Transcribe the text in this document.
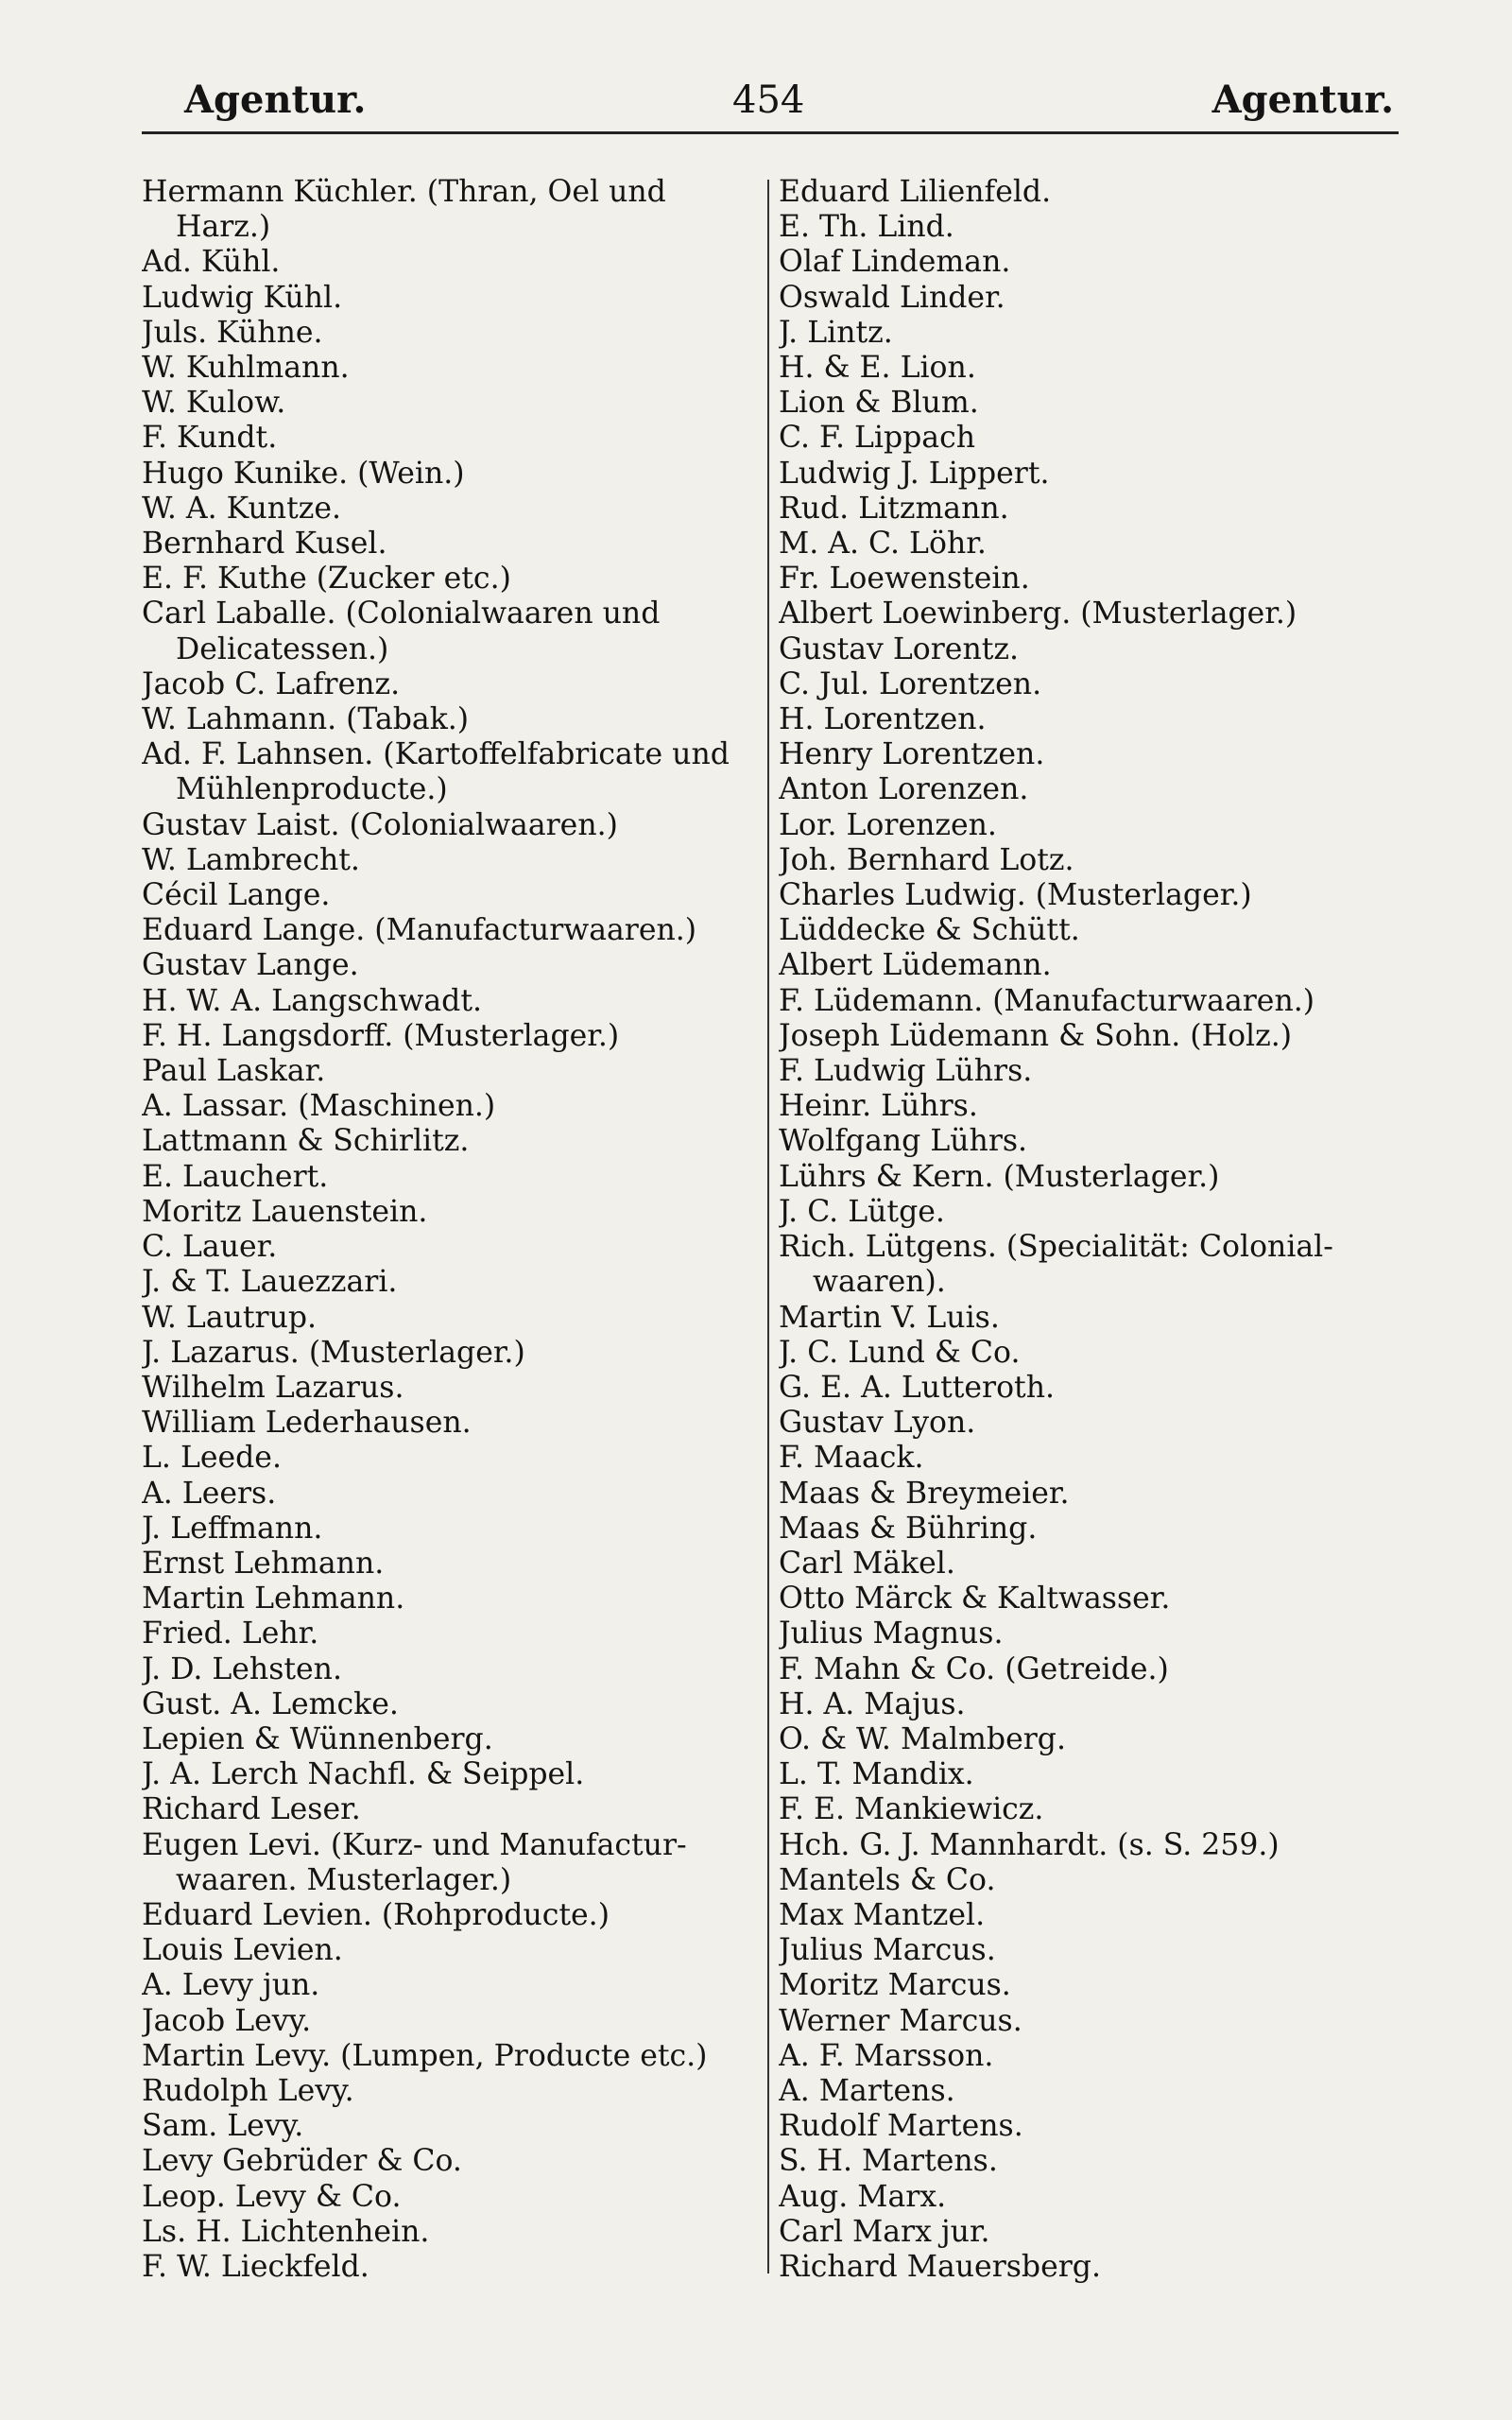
Agentur.	454	Agentur.
Hermann Küchler. (Thran, Oel und
Harz.)
Ad. Kühl.
Ludwig Kühl.
Juls. Kühne.
W. Kuhlmann.
W. Kulow.
F. Kundt.
Hugo Kunike. (Wein.)
W. A. Kuntze.
Bernhard Kusel.
E. F. Kuthe (Zucker etc.)
Carl Laballe. (Colonialwaaren und
Delicatessen.)
Jacob C. Lafrenz.
W. Lahmann. (Tabak.)
Ad. F. Lahnsen. (Kartoffelfabricate und
Mühlenproducte.)
Gustav Laist. (Colonialwaaren.)
W. Lambrecht.
Cécil Lange.
Eduard Lange. (Manufacturwaaren.)
Gustav Lange.
H. W. A. Langschwadt.
F. H. Langsdorff. (Musterlager.)
Paul Laskar.
A. Lassar. (Maschinen.)
Lattmann & Schirlitz.
E. Lauchert.
Moritz Lauenstein.
C. Lauer.
J. & T. Lauezzari.
W. Lautrup.
J. Lazarus. (Musterlager.)
Wilhelm Lazarus.
William Lederhausen.
L. Leede.
A. Leers.
J. Leffmann.
Ernst Lehmann.
Martin Lehmann.
Fried. Lehr.
J. D. Lehsten.
Gust. A. Lemcke.
Lepien & Wünnenberg.
J. A. Lerch Nachfl. & Seippel.
Richard Leser.
Eugen Levi. (Kurz- und Manufactur-
waaren. Musterlager.)
Eduard Levien. (Rohproducte.)
Louis Levien.
A. Levy jun.
Jacob Levy.
Martin Levy. (Lumpen, Producte etc.)
Rudolph Levy.
Sam. Levy.
Levy Gebrüder & Co.
Leop. Levy & Co.
Ls. H. Lichtenhein.
F. W. Lieckfeld.
Eduard Lilienfeld.
E. Th. Lind.
Olaf Lindeman.
Oswald Linder.
J. Lintz.
H. & E. Lion.
Lion & Blum.
C. F. Lippach
Ludwig J. Lippert.
Rud. Litzmann.
M. A. C. Löhr.
Fr. Loewenstein.
Albert Loewinberg. (Musterlager.)
Gustav Lorentz.
C. Jul. Lorentzen.
H. Lorentzen.
Henry Lorentzen.
Anton Lorenzen.
Lor. Lorenzen.
Joh. Bernhard Lotz.
Charles Ludwig. (Musterlager.)
Lüddecke & Schütt.
Albert Lüdemann.
F. Lüdemann. (Manufacturwaaren.)
Joseph Lüdemann & Sohn. (Holz.)
F. Ludwig Lührs.
Heinr. Lührs.
Wolfgang Lührs.
Lührs & Kern. (Musterlager.)
J. C. Lütge.
Rich. Lütgens. (Specialität: Colonial-
waaren).
Martin V. Luis.
J. C. Lund & Co.
G. E. A. Lutteroth.
Gustav Lyon.
F. Maack.
Maas & Breymeier.
Maas & Bühring.
Carl Mäkel.
Otto Märck & Kaltwasser.
Julius Magnus.
F. Mahn & Co. (Getreide.)
H. A. Majus.
O. & W. Malmberg.
L. T. Mandix.
F. E. Mankiewicz.
Hch. G. J. Mannhardt. (s. S. 259.)
Mantels & Co.
Max Mantzel.
Julius Marcus.
Moritz Marcus.
Werner Marcus.
A. F. Marsson.
A. Martens.
Rudolf Martens.
S. H. Martens.
Aug. Marx.
Carl Marx jur.
Richard Mauersberg.
